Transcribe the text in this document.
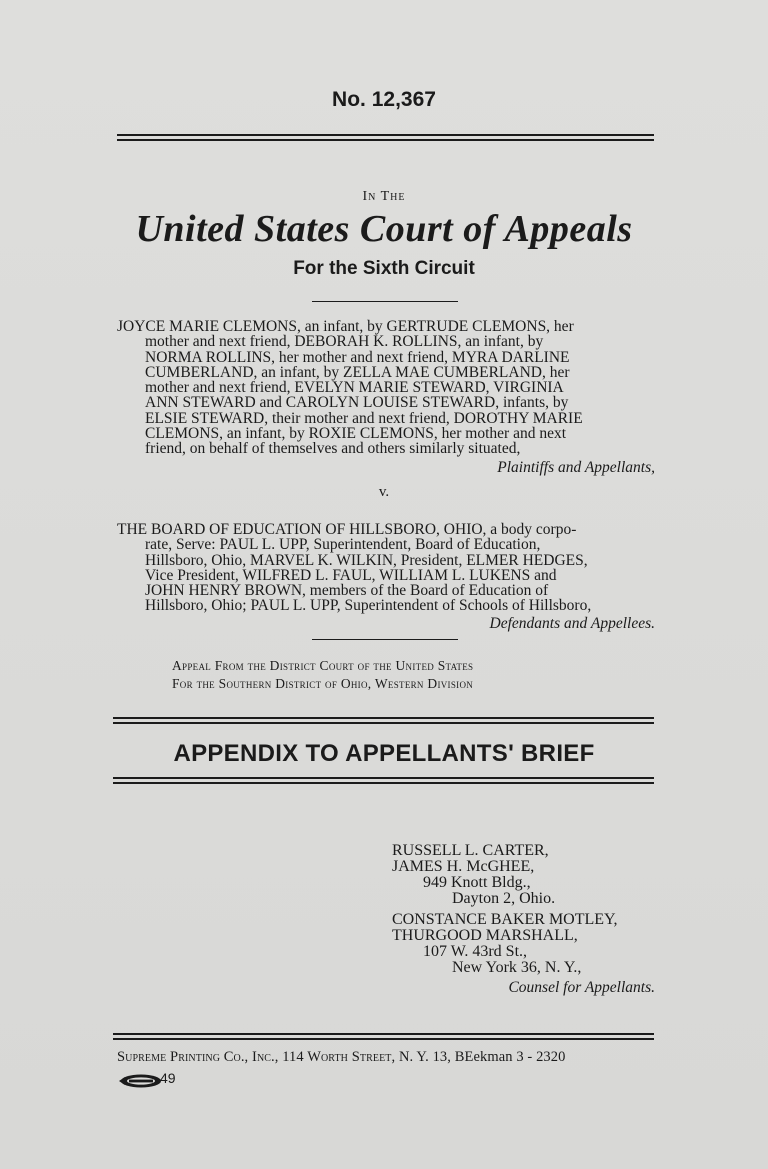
No. 12,367
In The
United States Court of Appeals
For the Sixth Circuit
JOYCE MARIE CLEMONS, an infant, by GERTRUDE CLEMONS, her
mother and next friend, DEBORAH K. ROLLINS, an infant, by
NORMA ROLLINS, her mother and next friend, MYRA DARLINE
CUMBERLAND, an infant, by ZELLA MAE CUMBERLAND, her
mother and next friend, EVELYN MARIE STEWARD, VIRGINIA
ANN STEWARD and CAROLYN LOUISE STEWARD, infants, by
ELSIE STEWARD, their mother and next friend, DOROTHY MARIE
CLEMONS, an infant, by ROXIE CLEMONS, her mother and next
friend, on behalf of themselves and others similarly situated,
Plaintiffs and Appellants,
v.
THE BOARD OF EDUCATION OF HILLSBORO, OHIO, a body corpo-
rate, Serve: PAUL L. UPP, Superintendent, Board of Education,
Hillsboro, Ohio, MARVEL K. WILKIN, President, ELMER HEDGES,
Vice President, WILFRED L. FAUL, WILLIAM L. LUKENS and
JOHN HENRY BROWN, members of the Board of Education of
Hillsboro, Ohio; PAUL L. UPP, Superintendent of Schools of Hillsboro,
Defendants and Appellees.
Appeal From the District Court of the United States
For the Southern District of Ohio, Western Division
APPENDIX TO APPELLANTS' BRIEF
RUSSELL L. CARTER,
JAMES H. McGHEE,
949 Knott Bldg.,
Dayton 2, Ohio.
CONSTANCE BAKER MOTLEY,
THURGOOD MARSHALL,
107 W. 43rd St.,
New York 36, N. Y.,
Counsel for Appellants.
Supreme Printing Co., Inc., 114 Worth Street, N. Y. 13, BEekman 3 - 2320
49
